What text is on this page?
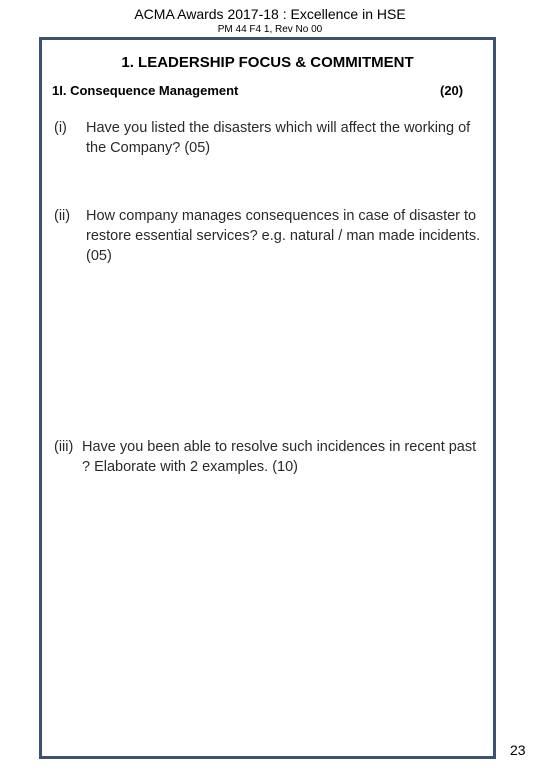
ACMA Awards 2017-18 : Excellence in HSE
PM 44 F4 1, Rev No 00
1. LEADERSHIP FOCUS & COMMITMENT
1I. Consequence Management	(20)
(i)	Have you listed the disasters which will affect the working of the Company? (05)
(ii)	How company manages consequences in case of disaster to restore essential services? e.g. natural / man made incidents. (05)
(iii) Have you been able to resolve such incidences in recent past ? Elaborate with 2 examples. (10)
23
